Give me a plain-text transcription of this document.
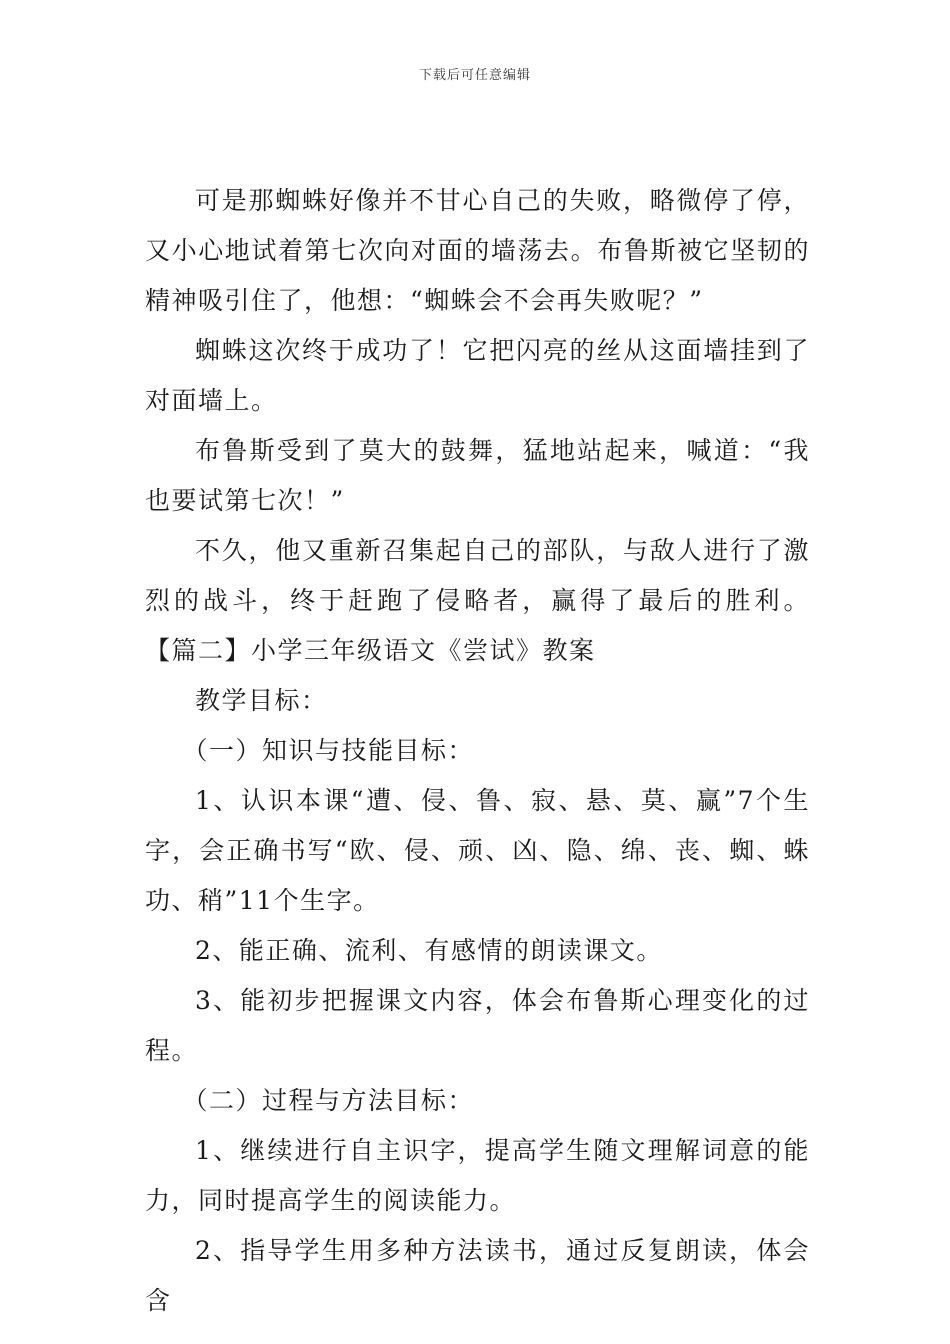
下载后可任意编辑

可是那蜘蛛好像并不甘心自己的失败，略微停了停，又小心地试着第七次向对面的墙荡去。布鲁斯被它坚韧的精神吸引住了，他想：“蜘蛛会不会再失败呢？”

蜘蛛这次终于成功了！它把闪亮的丝从这面墙挂到了对面墙上。

布鲁斯受到了莫大的鼓舞，猛地站起来，喊道：“我也要试第七次！”

不久，他又重新召集起自己的部队，与敌人进行了激烈的战斗，终于赶跑了侵略者，赢得了最后的胜利。 【篇二】小学三年级语文《尝试》教案

教学目标：

（一）知识与技能目标：

1、认识本课“遭、侵、鲁、寂、悬、莫、赢”7个生字，会正确书写“欧、侵、顽、凶、隐、绵、丧、蜘、蛛功、稍”11个生字。

2、能正确、流利、有感情的朗读课文。

3、能初步把握课文内容，体会布鲁斯心理变化的过程。

（二）过程与方法目标：

1、继续进行自主识字，提高学生随文理解词意的能力，同时提高学生的阅读能力。

2、指导学生用多种方法读书，通过反复朗读，体会含
